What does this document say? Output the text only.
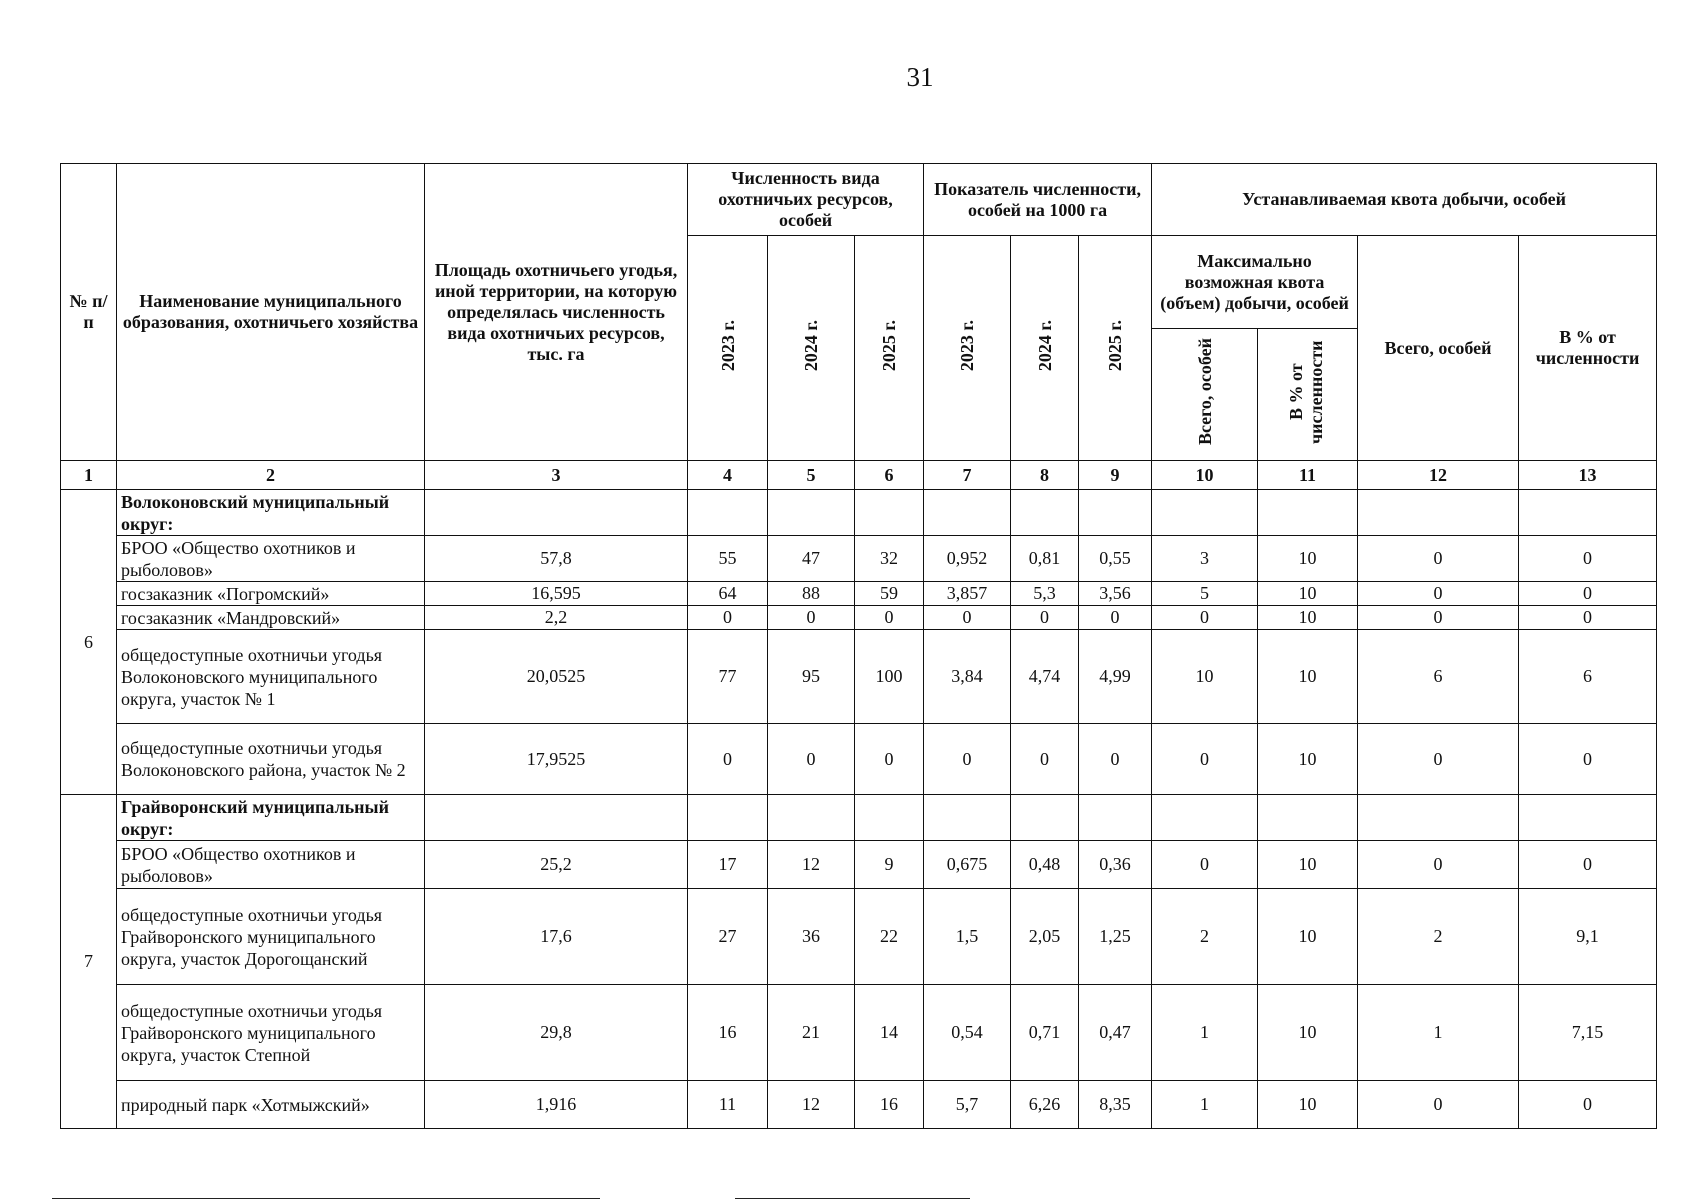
31
№ п/п	Наименование муниципального образования, охотничьего хозяйства	Площадь охотничьего угодья, иной территории, на которую определялась численность вида охотничьих ресурсов, тыс. га	Численность вида охотничьих ресурсов, особей			Показатель численности, особей на 1000 га			Устанавливаемая квота добычи, особей			
			2023 г.	2024 г.	2025 г.	2023 г.	2024 г.	2025 г.	Максимально возможная квота (объем) добычи, особей		Всего, особей	В % от численности
									Всего, особей	В % от численности		
1	2	3	4	5	6	7	8	9	10	11	12	13
6	Волоконовский муниципальный округ:											
	БРОО «Общество охотников и рыболовов»	57,8	55	47	32	0,952	0,81	0,55	3	10	0	0
	госзаказник «Погромский»	16,595	64	88	59	3,857	5,3	3,56	5	10	0	0
	госзаказник «Мандровский»	2,2	0	0	0	0	0	0	0	10	0	0
	общедоступные охотничьи угодья Волоконовского муниципального округа, участок № 1	20,0525	77	95	100	3,84	4,74	4,99	10	10	6	6
	общедоступные охотничьи угодья Волоконовского района, участок № 2	17,9525	0	0	0	0	0	0	0	10	0	0
7	Грайворонский муниципальный округ:											
	БРОО «Общество охотников и рыболовов»	25,2	17	12	9	0,675	0,48	0,36	0	10	0	0
	общедоступные охотничьи угодья Грайворонского муниципального округа, участок Дорогощанский	17,6	27	36	22	1,5	2,05	1,25	2	10	2	9,1
	общедоступные охотничьи угодья Грайворонского муниципального округа, участок Степной	29,8	16	21	14	0,54	0,71	0,47	1	10	1	7,15
	природный парк «Хотмыжский»	1,916	11	12	16	5,7	6,26	8,35	1	10	0	0
